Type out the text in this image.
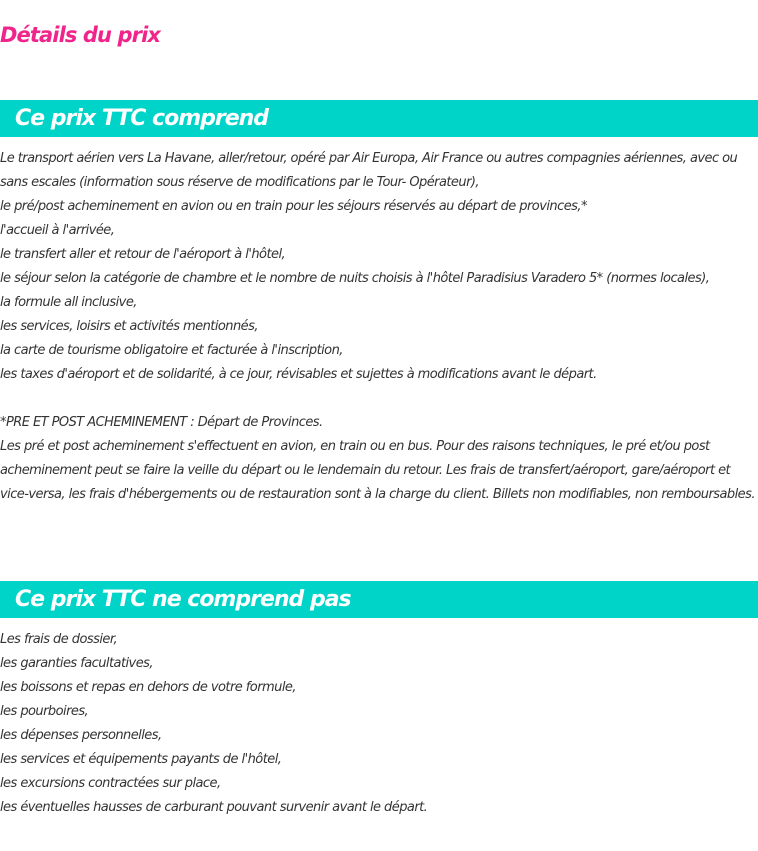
Détails du prix
Ce prix TTC comprend
Le transport aérien vers La Havane, aller/retour, opéré par Air Europa, Air France ou autres compagnies aériennes, avec ou sans escales (information sous réserve de modifications par le Tour- Opérateur),
le pré/post acheminement en avion ou en train pour les séjours réservés au départ de provinces,*
l'accueil à l'arrivée,
le transfert aller et retour de l'aéroport à l'hôtel,
le séjour selon la catégorie de chambre et le nombre de nuits choisis à l'hôtel Paradisius Varadero 5* (normes locales),
la formule all inclusive,
les services, loisirs et activités mentionnés,
la carte de tourisme obligatoire et facturée à l'inscription,
les taxes d'aéroport et de solidarité, à ce jour, révisables et sujettes à modifications avant le départ.
*PRE ET POST ACHEMINEMENT : Départ de Provinces.
Les pré et post acheminement s'effectuent en avion, en train ou en bus. Pour des raisons techniques, le pré et/ou post acheminement peut se faire la veille du départ ou le lendemain du retour. Les frais de transfert/aéroport, gare/aéroport et vice-versa, les frais d'hébergements ou de restauration sont à la charge du client. Billets non modifiables, non remboursables.
Ce prix TTC ne comprend pas
Les frais de dossier,
les garanties facultatives,
les boissons et repas en dehors de votre formule,
les pourboires,
les dépenses personnelles,
les services et équipements payants de l'hôtel,
les excursions contractées sur place,
les éventuelles hausses de carburant pouvant survenir avant le départ.
